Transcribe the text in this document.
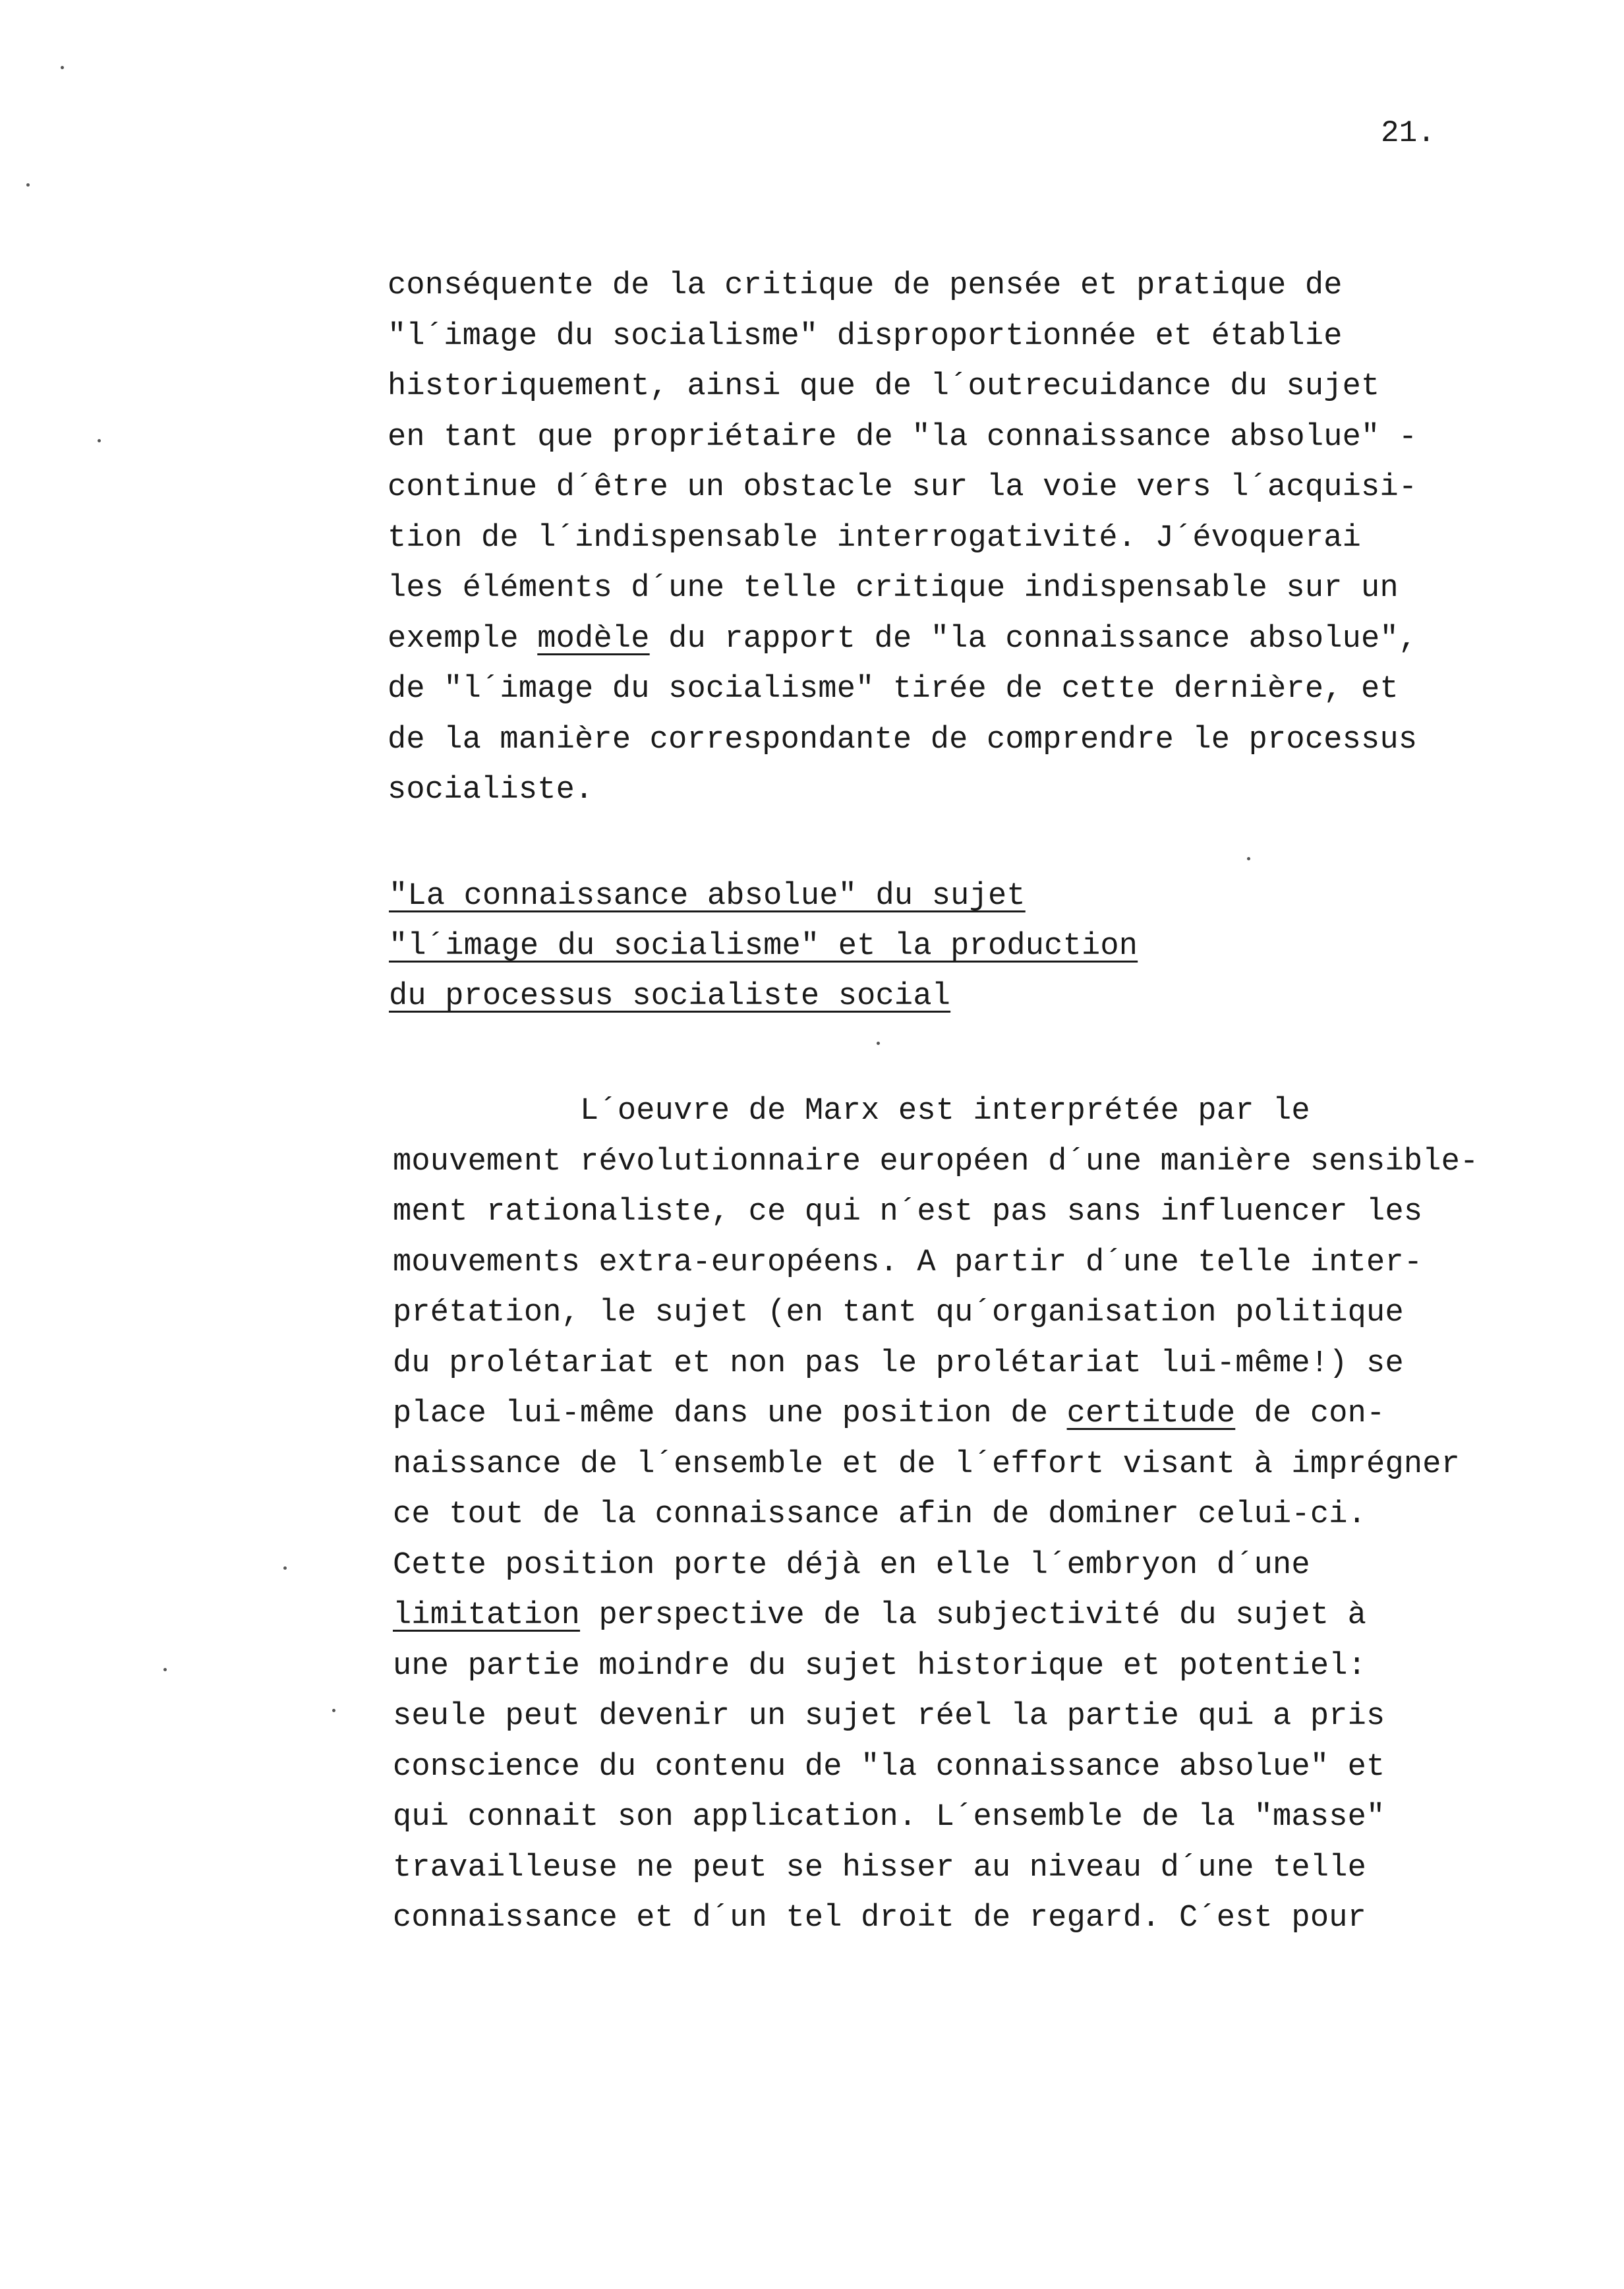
21.
conséquente de la critique de pensée et pratique de
"l´image du socialisme" disproportionnée et établie
historiquement, ainsi que de l´outrecuidance du sujet
en tant que propriétaire de "la connaissance absolue" -
continue d´être un obstacle sur la voie vers l´acquisi-
tion de l´indispensable interrogativité. J´évoquerai
les éléments d´une telle critique indispensable sur un
exemple modèle du rapport de "la connaissance absolue",
de "l´image du socialisme" tirée de cette dernière, et
de la manière correspondante de comprendre le processus
socialiste.
"La connaissance absolue" du sujet
"l´image du socialisme" et la production
du processus socialiste social
L´oeuvre de Marx est interprétée par le
mouvement révolutionnaire européen d´une manière sensible-
ment rationaliste, ce qui n´est pas sans influencer les
mouvements extra-européens. A partir d´une telle inter-
prétation, le sujet (en tant qu´organisation politique
du prolétariat et non pas le prolétariat lui-même!) se
place lui-même dans une position de certitude de con-
naissance de l´ensemble et de l´effort visant à imprégner
ce tout de la connaissance afin de dominer celui-ci.
Cette position porte déjà en elle l´embryon d´une
limitation perspective de la subjectivité du sujet à
une partie moindre du sujet historique et potentiel:
seule peut devenir un sujet réel la partie qui a pris
conscience du contenu de "la connaissance absolue" et
qui connait son application. L´ensemble de la "masse"
travailleuse ne peut se hisser au niveau d´une telle
connaissance et d´un tel droit de regard. C´est pour
